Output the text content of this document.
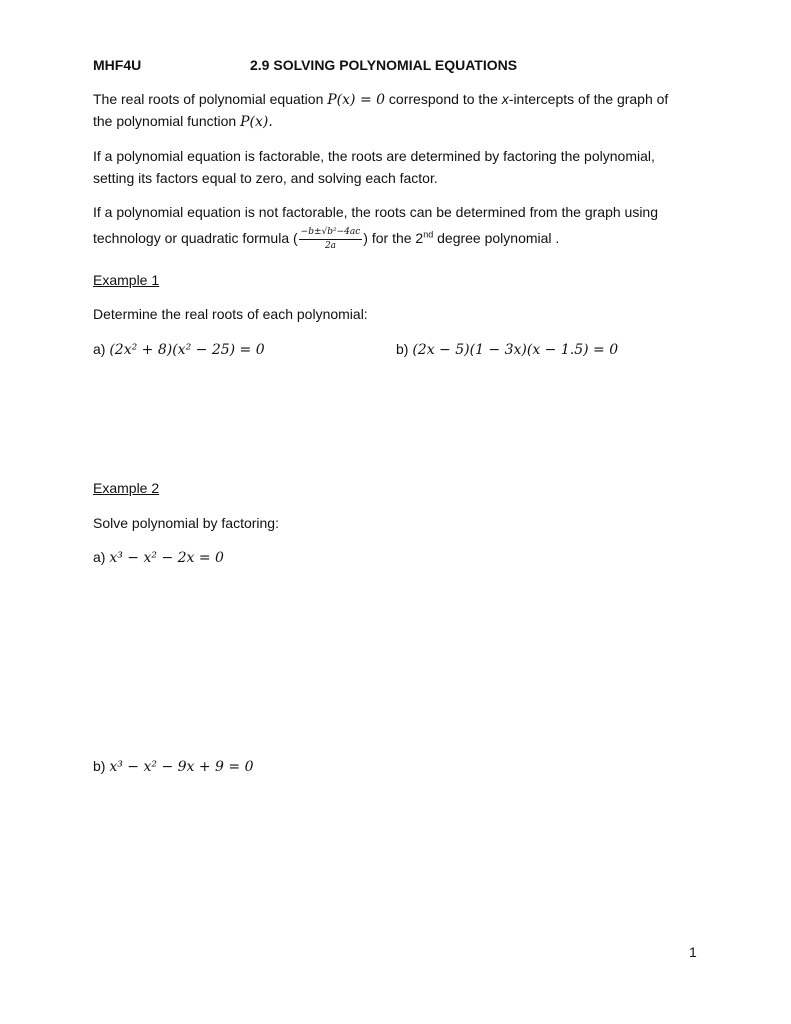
MHF4U	2.9 SOLVING POLYNOMIAL EQUATIONS
The real roots of polynomial equation P(x) = 0 correspond to the x-intercepts of the graph of
the polynomial function P(x).
If a polynomial equation is factorable, the roots are determined by factoring the polynomial,
setting its factors equal to zero, and solving each factor.
If a polynomial equation is not factorable, the roots can be determined from the graph using
technology or quadratic formula ( $\frac{\text{−b±√b²−4ac}}{2a}$ ) for the 2nd degree polynomial .
Example 1
Determine the real roots of each polynomial:
a) (2x² + 8)(x² − 25) = 0	b) (2x − 5)(1 − 3x)(x − 1.5) = 0
Example 2
Solve polynomial by factoring:
a) x³ − x² − 2x = 0
b) x³ − x² − 9x + 9 = 0
1
